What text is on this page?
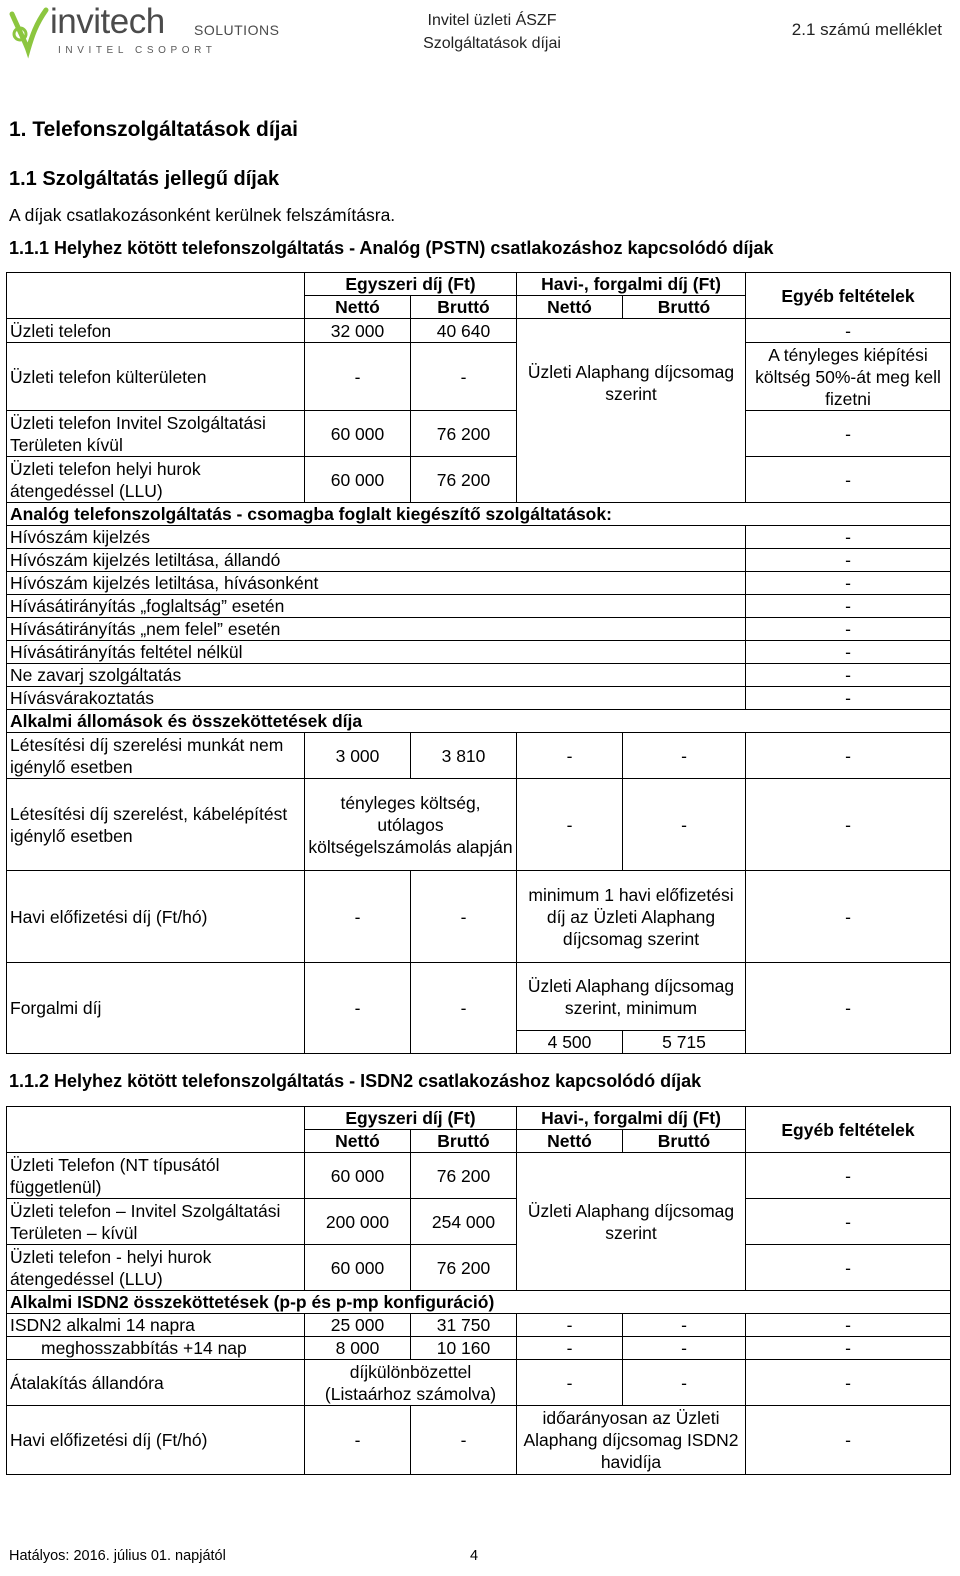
invitech SOLUTIONS
INVITEL CSOPORT
Invitel üzleti ÁSZF
Szolgáltatások díjai
2.1 számú melléklet
1. Telefonszolgáltatások díjai
1.1 Szolgáltatás jellegű díjak
A díjak csatlakozásonként kerülnek felszámításra.
1.1.1 Helyhez kötött telefonszolgáltatás - Analóg (PSTN) csatlakozáshoz kapcsolódó díjak
	Egyszeri díj (Ft)		Havi-, forgalmi díj (Ft)		Egyéb feltételek
	Nettó	Bruttó	Nettó	Bruttó	
Üzleti telefon	32 000	40 640	Üzleti Alaphang díjcsomag szerint		-
Üzleti telefon külterületen	-	-			A tényleges kiépítési költség 50%-át meg kell fizetni
Üzleti telefon Invitel Szolgáltatási Területen kívül	60 000	76 200			-
Üzleti telefon helyi hurok átengedéssel (LLU)	60 000	76 200			-
Analóg telefonszolgáltatás - csomagba foglalt kiegészítő szolgáltatások:					
Hívószám kijelzés					-
Hívószám kijelzés letiltása, állandó					-
Hívószám kijelzés letiltása, hívásonként					-
Hívásátirányítás „foglaltság” esetén					-
Hívásátirányítás „nem felel” esetén					-
Hívásátirányítás feltétel nélkül					-
Ne zavarj szolgáltatás					-
Hívásvárakoztatás					-
Alkalmi állomások és összeköttetések díja					
Létesítési díj szerelési munkát nem igénylő esetben	3 000	3 810	-	-	-
Létesítési díj szerelést, kábelépítést igénylő esetben	tényleges költség, utólagos költségelszámolás alapján		-	-	-
Havi előfizetési díj (Ft/hó)	-	-	minimum 1 havi előfizetési díj az Üzleti Alaphang díjcsomag szerint		-
Forgalmi díj	-	-	Üzleti Alaphang díjcsomag szerint, minimum		-
			4 500	5 715	
1.1.2 Helyhez kötött telefonszolgáltatás - ISDN2 csatlakozáshoz kapcsolódó díjak
	Egyszeri díj (Ft)		Havi-, forgalmi díj (Ft)		Egyéb feltételek
	Nettó	Bruttó	Nettó	Bruttó	
Üzleti Telefon (NT típusától függetlenül)	60 000	76 200	Üzleti Alaphang díjcsomag szerint		-
Üzleti telefon – Invitel Szolgáltatási Területen – kívül	200 000	254 000			-
Üzleti telefon - helyi hurok átengedéssel (LLU)	60 000	76 200			-
Alkalmi ISDN2 összeköttetések (p-p és p-mp konfiguráció)					
ISDN2 alkalmi 14 napra	25 000	31 750	-	-	-
meghosszabbítás +14 nap	8 000	10 160	-	-	-
Átalakítás állandóra	díjkülönbözettel (Listaárhoz számolva)		-	-	-
Havi előfizetési díj (Ft/hó)	-	-	időarányosan az Üzleti Alaphang díjcsomag ISDN2 havidíja		-
Hatályos: 2016. július 01. napjától	4
